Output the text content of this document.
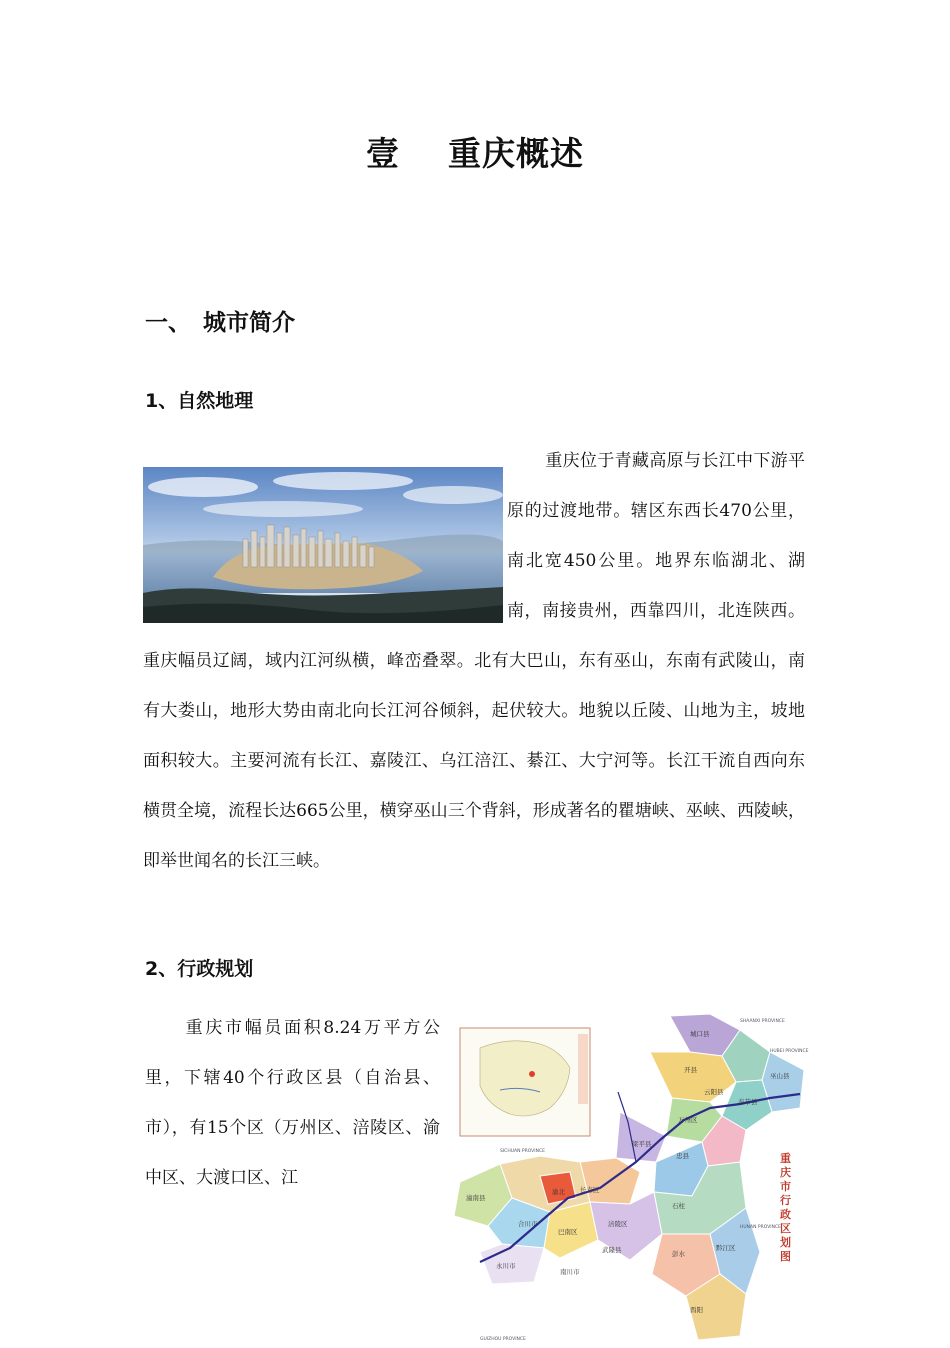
壹 重庆概述
一、 城市简介
1、自然地理
重庆位于青藏高原与长江中下游平原的过渡地带。辖区东西长470公里，南北宽450公里。地界东临湖北、湖南，南接贵州，西靠四川，北连陕西。重庆幅员辽阔，域内江河纵横，峰峦叠翠。北有大巴山，东有巫山，东南有武陵山，南有大娄山，地形大势由南北向长江河谷倾斜，起伏较大。地貌以丘陵、山地为主，坡地面积较大。主要河流有长江、嘉陵江、乌江涪江、綦江、大宁河等。长江干流自西向东横贯全境，流程长达665公里，横穿巫山三个背斜，形成著名的瞿塘峡、巫峡、西陵峡，即举世闻名的长江三峡。
2、行政规划
重庆市幅员面积8.24万平方公里，下辖40个行政区县（自治县、市），有15个区（万州区、涪陵区、渝中区、大渡口区、江
重
庆
市
行
政
区
划
图
城口县
巫山县
奉节县
云阳县
开县
万州区
梁平县
忠县
石柱
长寿区
涪陵区
渝北
潼南县
合川市
永川市
巴南区
彭水
黔江区
酉阳
武隆县
南川市
SHAANXI PROVINCE
HUBEI PROVINCE
SICHUAN PROVINCE
GUIZHOU PROVINCE
HUNAN PROVINCE
